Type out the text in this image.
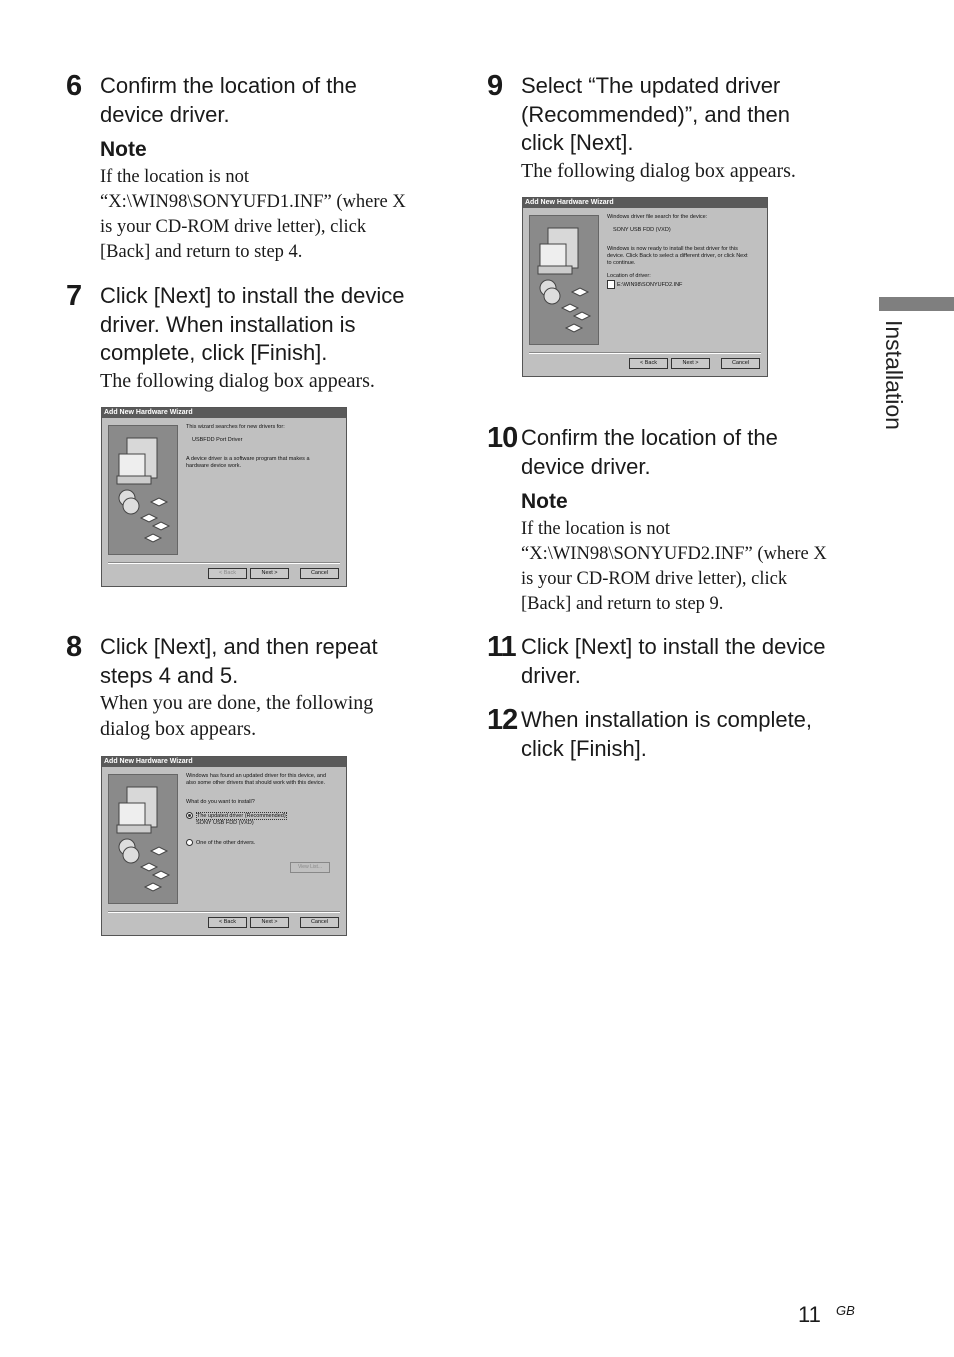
6 Confirm the location of the
device driver.

Note

If the location is not
“X:\WIN98\SONYUFD1.INF” (where X
is your CD-ROM drive letter), click
[Back] and return to step 4.

7 Click [Next] to install the device
driver. When installation is
complete, click [Finish].

The following dialog box appears.

Add New Hardware Wizard

This wizard searches for new drivers for:

USBFDD Port Driver

A device driver is a software program that makes a

hardware device work.

< Back	Next >	Cancel
8 Click [Next], and then repeat
steps 4 and 5.

When you are done, the following
dialog box appears.

Add New Hardware Wizard

Windows has found an updated driver for this device, and

also some other drivers that should work with this device.

What do you want to install?

The updated driver (Recommended)

SONY USB FDD (VXD)

One of the other drivers.

View List...
< Back	Next >	Cancel
9 Select “The updated driver
(Recommended)”, and then
click [Next].

The following dialog box appears.

Add New Hardware Wizard

Windows driver file search for the device:

SONY USB FDD (VXD)

Windows is now ready to install the best driver for this

device. Click Back to select a different driver, or click Next

to continue.

Location of driver:

E:\WIN98\SONYUFD2.INF

< Back	Next >	Cancel
10 Confirm the location of the
device driver.

Note

If the location is not
“X:\WIN98\SONYUFD2.INF” (where X
is your CD-ROM drive letter), click
[Back] and return to step 9.

11 Click [Next] to install the device
driver.

12 When installation is complete,
click [Finish].

Installation
11 GB
